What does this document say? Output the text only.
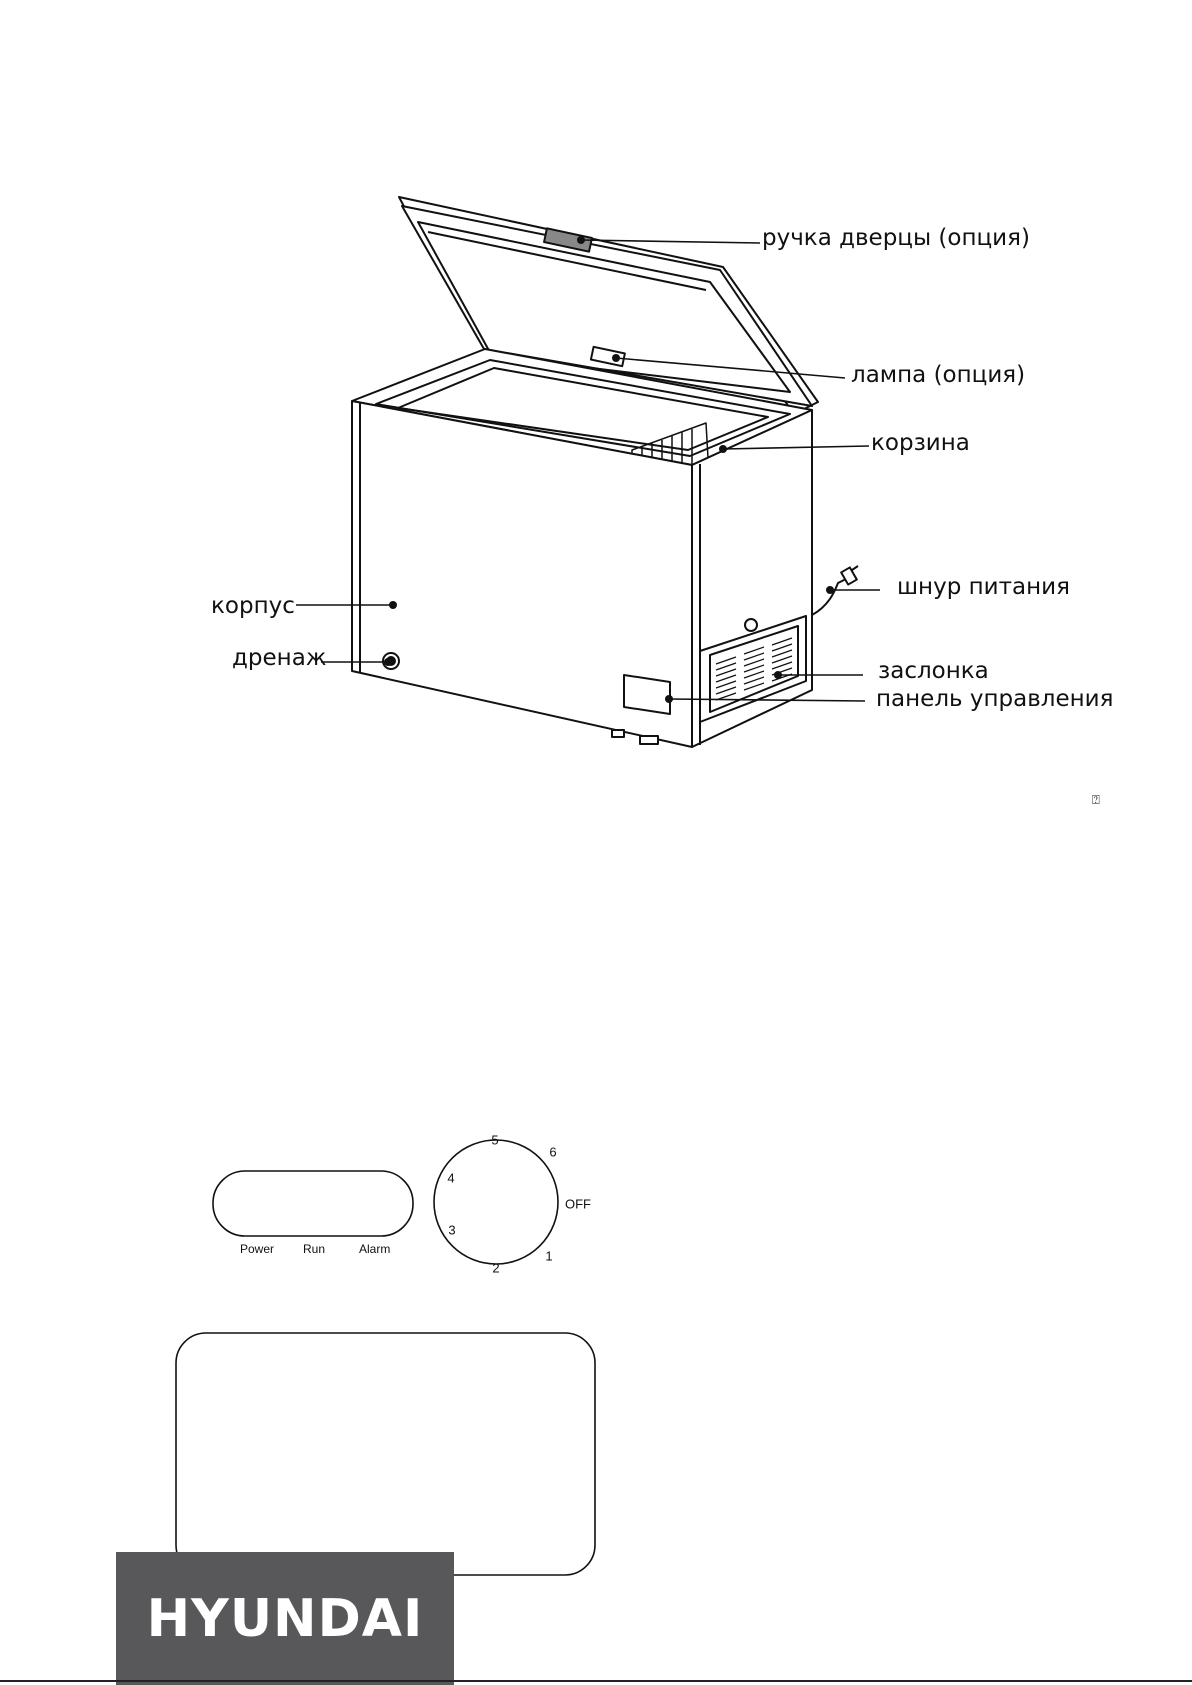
ручка дверцы (опция)
лампа (опция)
корзина
шнур питания
корпус
дренаж	заслонка
панель управления
⍰
Power Run	Alarm	1
2
3
4
5
6
OFF
HYUNDAI
